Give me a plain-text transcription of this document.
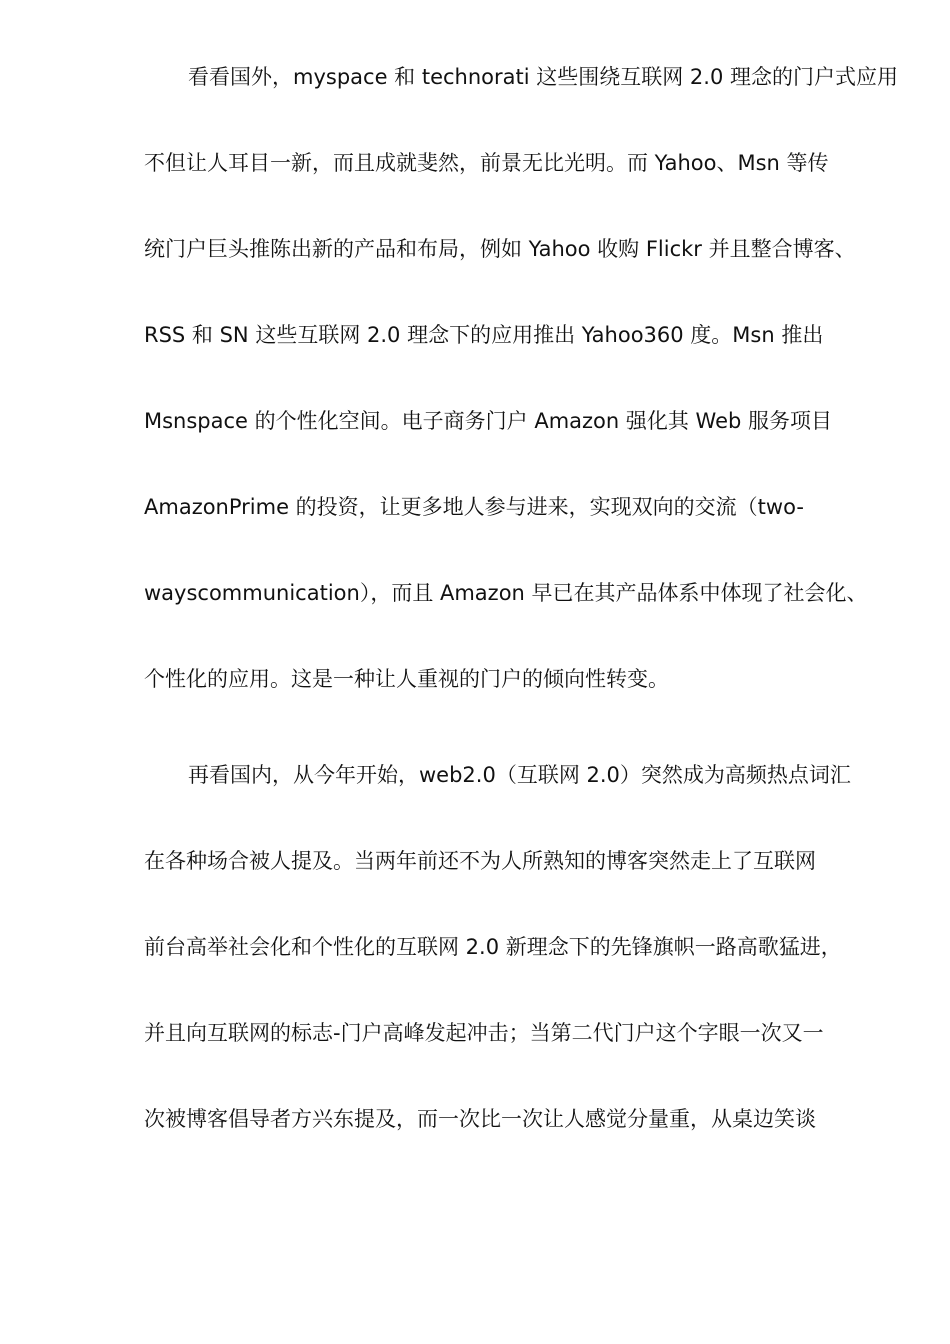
看看国外，myspace 和 technorati 这些围绕互联网 2.0 理念的门户式应用
不但让人耳目一新，而且成就斐然，前景无比光明。而 Yahoo、Msn 等传
统门户巨头推陈出新的产品和布局，例如 Yahoo 收购 Flickr 并且整合博客、
RSS 和 SN 这些互联网 2.0 理念下的应用推出 Yahoo360 度。Msn 推出
Msnspace 的个性化空间。电子商务门户 Amazon 强化其 Web 服务项目
AmazonPrime 的投资，让更多地人参与进来，实现双向的交流（two-
wayscommunication），而且 Amazon 早已在其产品体系中体现了社会化、
个性化的应用。这是一种让人重视的门户的倾向性转变。
再看国内，从今年开始，web2.0（互联网 2.0）突然成为高频热点词汇
在各种场合被人提及。当两年前还不为人所熟知的博客突然走上了互联网
前台高举社会化和个性化的互联网 2.0 新理念下的先锋旗帜一路高歌猛进，
并且向互联网的标志-门户高峰发起冲击；当第二代门户这个字眼一次又一
次被博客倡导者方兴东提及，而一次比一次让人感觉分量重，从桌边笑谈
